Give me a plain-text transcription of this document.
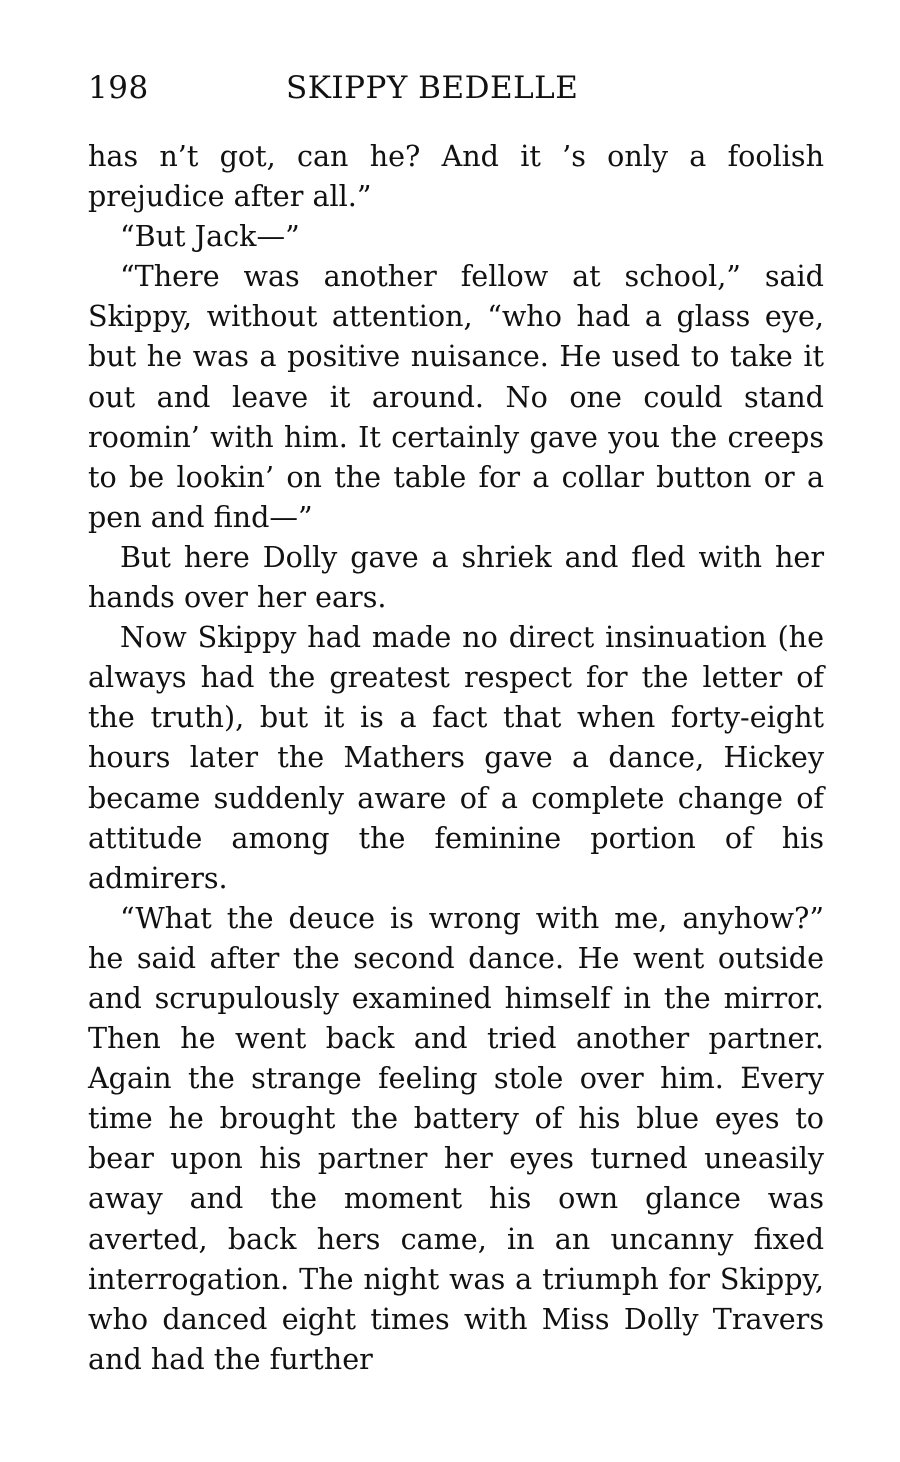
198	SKIPPY BEDELLE

has n’t got, can he? And it ’s only a foolish prejudice after all.”

“But Jack—”

“There was another fellow at school,” said Skippy, without attention, “who had a glass eye, but he was a positive nuisance. He used to take it out and leave it around. No one could stand roomin’ with him. It certainly gave you the creeps to be lookin’ on the table for a collar button or a pen and find—”

But here Dolly gave a shriek and fled with her hands over her ears.

Now Skippy had made no direct insinuation (he always had the greatest respect for the letter of the truth), but it is a fact that when forty-eight hours later the Mathers gave a dance, Hickey became suddenly aware of a complete change of attitude among the feminine portion of his admirers.

“What the deuce is wrong with me, anyhow?” he said after the second dance. He went outside and scrupulously examined himself in the mirror. Then he went back and tried another partner. Again the strange feeling stole over him. Every time he brought the battery of his blue eyes to bear upon his partner her eyes turned uneasily away and the moment his own glance was averted, back hers came, in an uncanny fixed interrogation. The night was a triumph for Skippy, who danced eight times with Miss Dolly Travers and had the further
